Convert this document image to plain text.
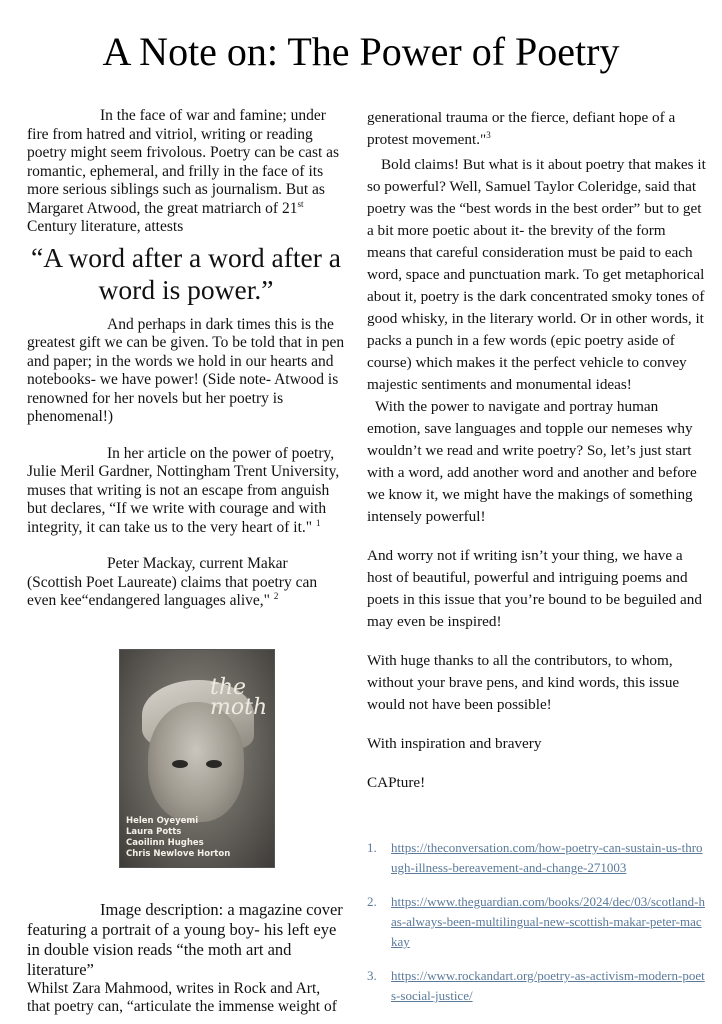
A Note on: The Power of Poetry

In the face of war and famine; under fire from hatred and vitriol, writing or reading poetry might seem frivolous. Poetry can be cast as romantic, ephemeral, and frilly in the face of its more serious siblings such as journalism. But as Margaret Atwood, the great matriarch of 21st Century literature, attests

“A word after a word after a word is power.”

And perhaps in dark times this is the greatest gift we can be given. To be told that in pen and paper; in the words we hold in our hearts and notebooks- we have power! (Side note- Atwood is renowned for her novels but her poetry is phenomenal!)

In her article on the power of poetry, Julie Meril Gardner, Nottingham Trent University, muses that writing is not an escape from anguish but declares, “If we write with courage and with integrity, it can take us to the very heart of it." $^1$

Peter Mackay, current Makar (Scottish Poet Laureate) claims that poetry can even kee“endangered languages alive," $^2$

the moth
Helen Oyeyemi
Laura Potts
Caoilinn Hughes
Chris Newlove Horton

Image description: a magazine cover featuring a portrait of a young boy- his left eye in double vision reads “the moth art and literature”

Whilst Zara Mahmood, writes in Rock and Art, that poetry can, “articulate the immense weight of

generational trauma or the fierce, defiant hope of a protest movement."$^3$

Bold claims! But what is it about poetry that makes it so powerful? Well, Samuel Taylor Coleridge, said that poetry was the “best words in the best order” but to get a bit more poetic about it- the brevity of the form means that careful consideration must be paid to each word, space and punctuation mark. To get metaphorical about it, poetry is the dark concentrated smoky tones of good whisky, in the literary world. Or in other words, it packs a punch in a few words (epic poetry aside of course) which makes it the perfect vehicle to convey majestic sentiments and monumental ideas!

With the power to navigate and portray human emotion, save languages and topple our nemeses why wouldn’t we read and write poetry? So, let’s just start with a word, add another word and another and before we know it, we might have the makings of something intensely powerful!

And worry not if writing isn’t your thing, we have a host of beautiful, powerful and intriguing poems and poets in this issue that you’re bound to be beguiled and may even be inspired!

With huge thanks to all the contributors, to whom, without your brave pens, and kind words, this issue would not have been possible!

With inspiration and bravery

CAPture!

1.	https://theconversation.com/how-poetry-can-sustain-us-through-illness-bereavement-and-change-271003
2.	https://www.theguardian.com/books/2024/dec/03/scotland-has-always-been-multilingual-new-scottish-makar-peter-mackay
3.	https://www.rockandart.org/poetry-as-activism-modern-poets-social-justice/
